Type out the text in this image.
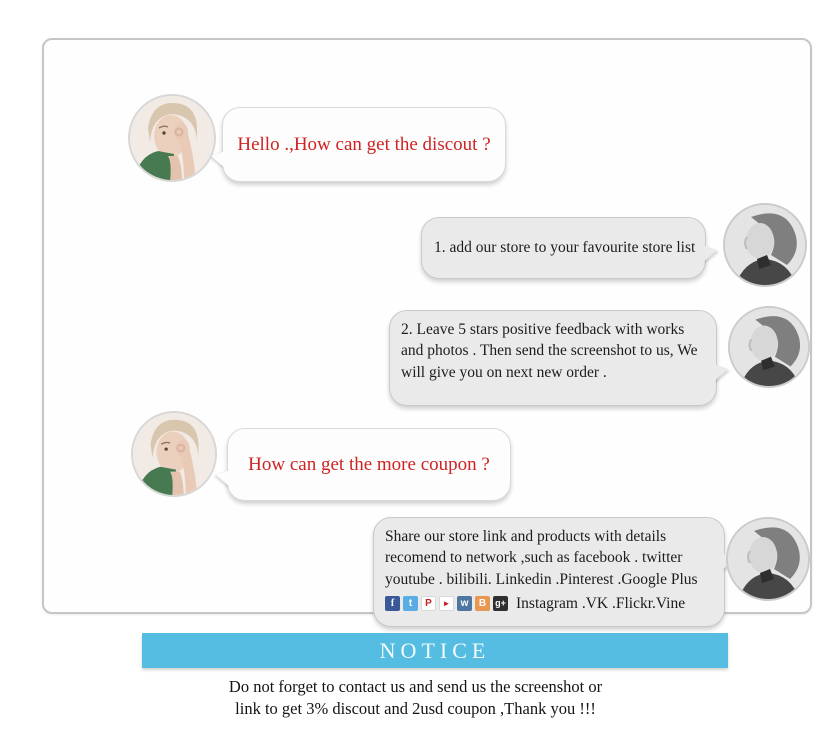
Hello .,How can get the discout ?
1. add our store to your favourite store list
2. Leave 5 stars positive feedback with works
and photos . Then send the screenshot to us, We
will give you on next new order .
How can get the more coupon ?
Share our store link and products with details
recomend to network ,such as facebook . twitter
youtube . bilibili. Linkedin .Pinterest .Google Plus
f	t	P	►	w	B	g+ Instagram .VK .Flickr.Vine
NOTICE
Do not forget to contact us and send us the screenshot or
link to get 3% discout and 2usd coupon ,Thank you !!!
